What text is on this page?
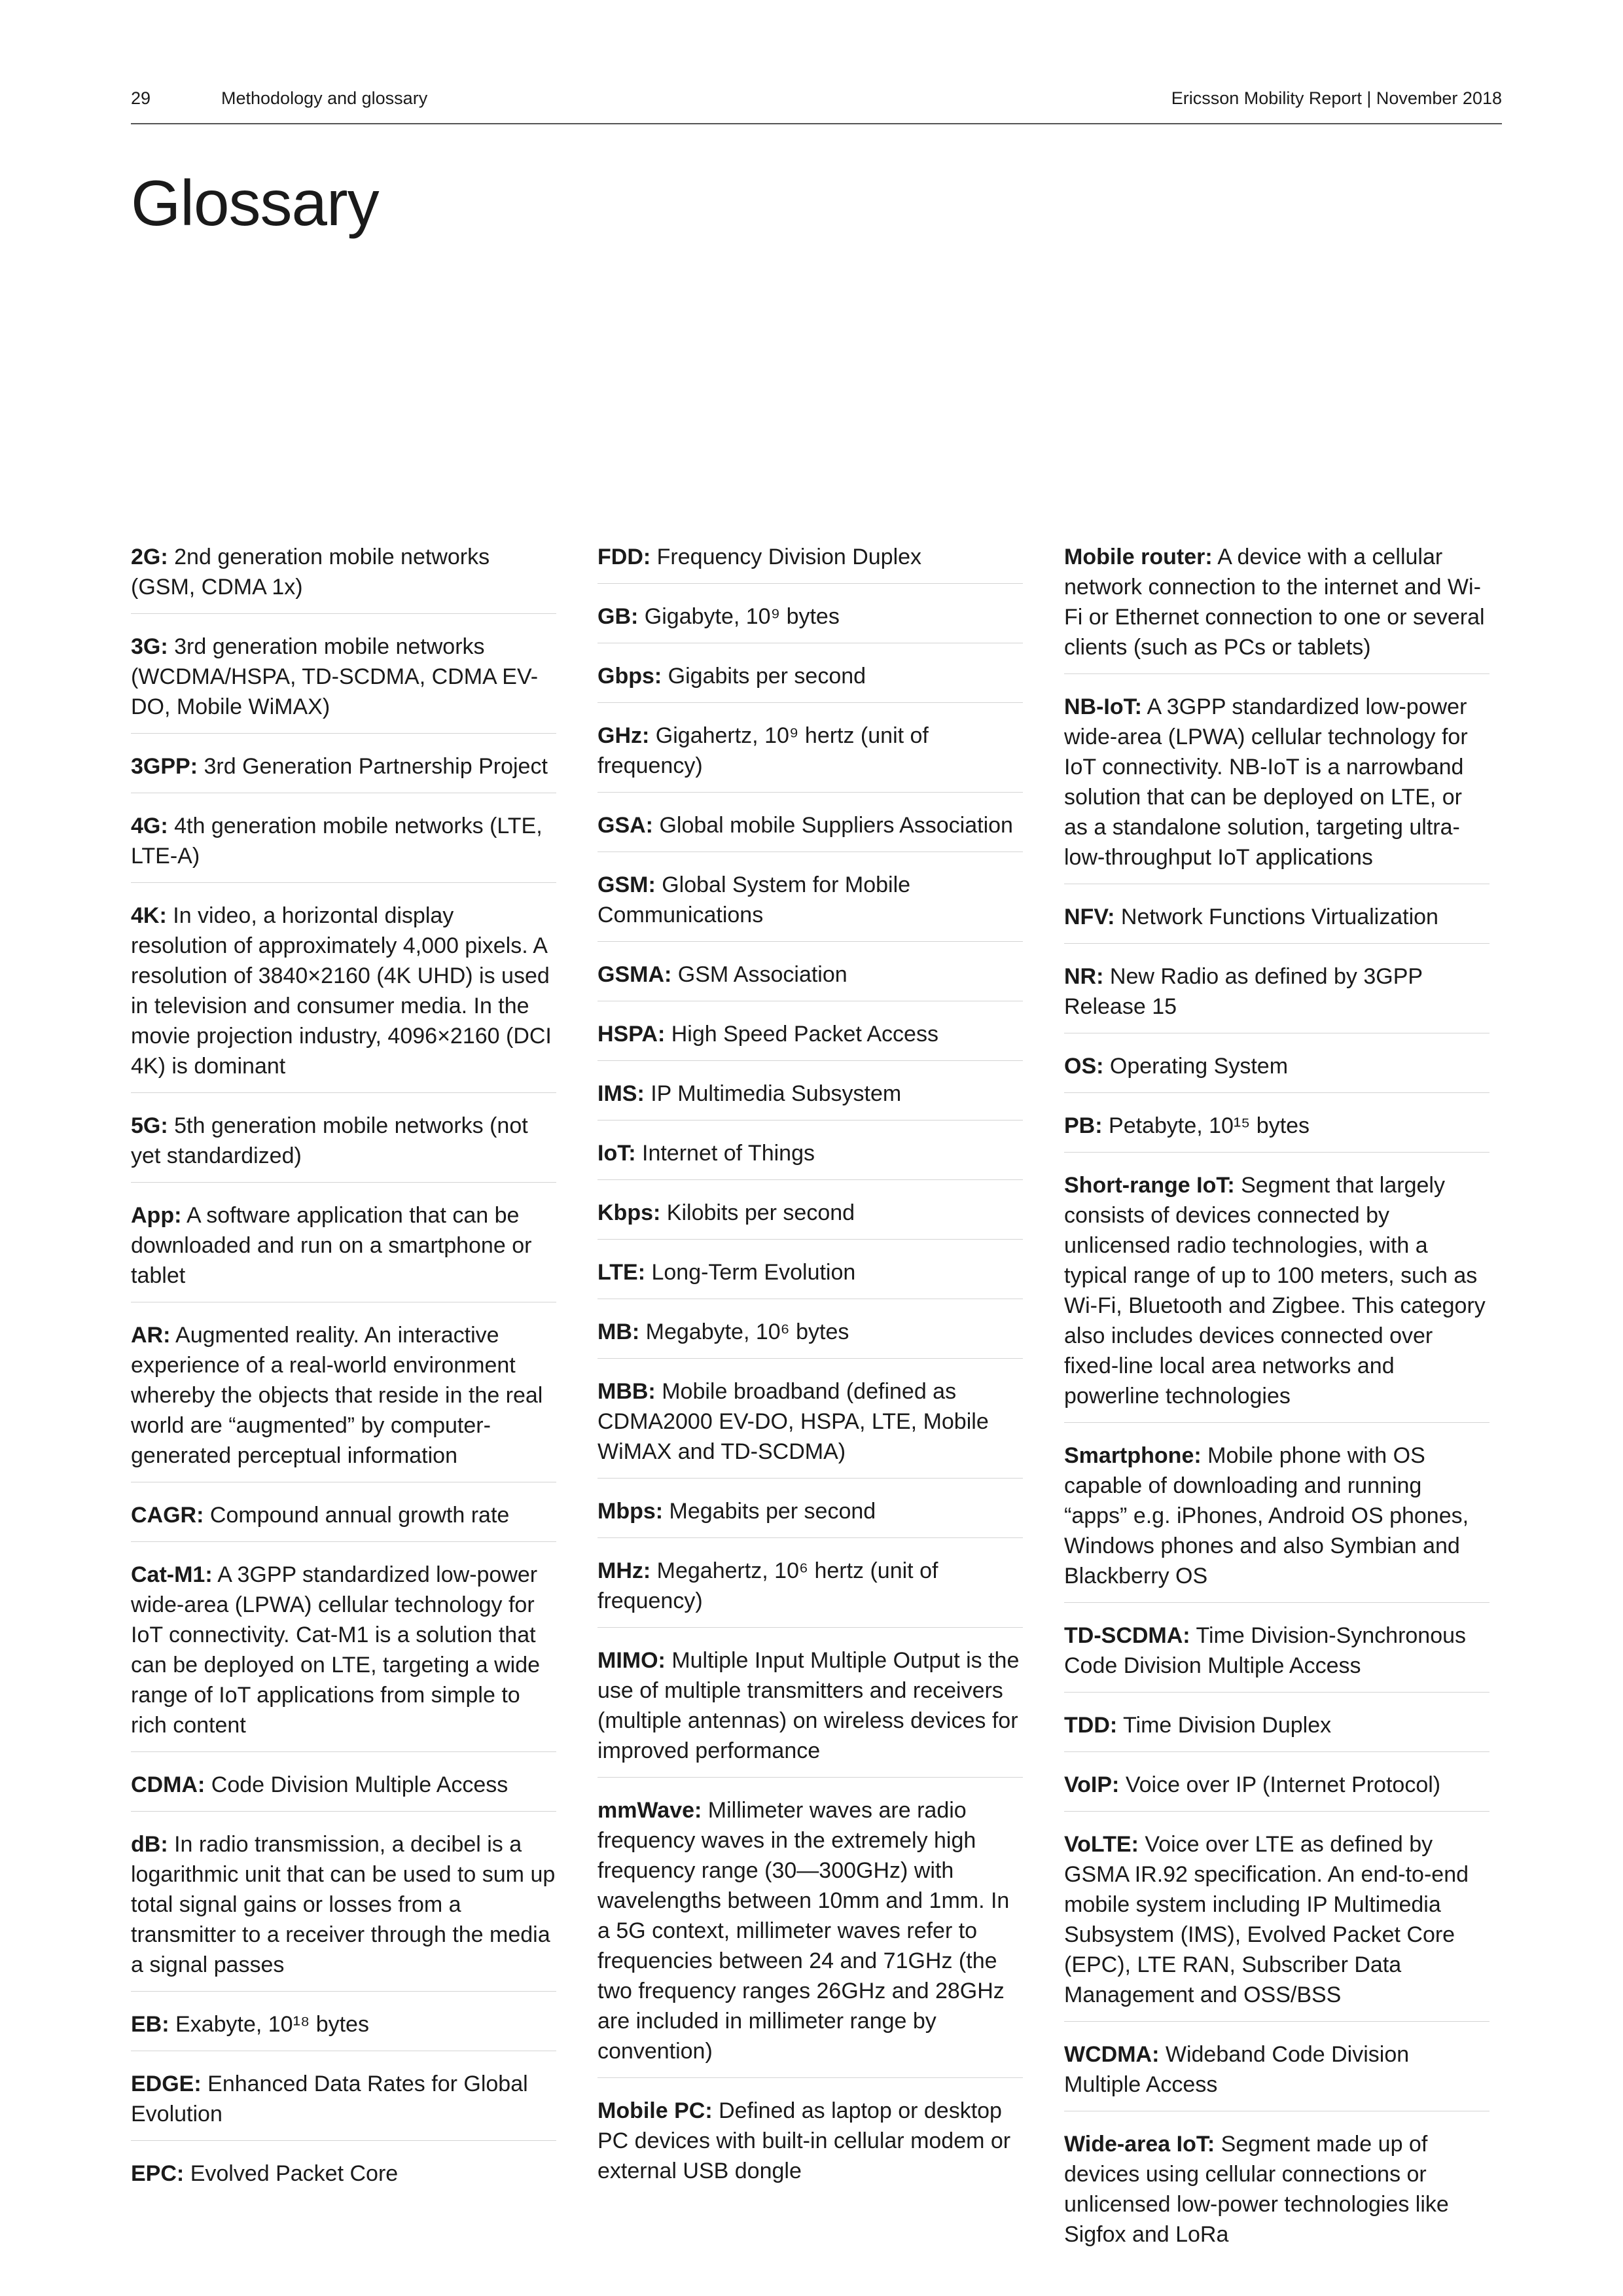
29	Methodology and glossary	Ericsson Mobility Report | November 2018
Glossary
2G: 2nd generation mobile networks (GSM, CDMA 1x)
3G: 3rd generation mobile networks (WCDMA/HSPA, TD-SCDMA, CDMA EV-DO, Mobile WiMAX)
3GPP: 3rd Generation Partnership Project
4G: 4th generation mobile networks (LTE, LTE-A)
4K: In video, a horizontal display resolution of approximately 4,000 pixels. A resolution of 3840×2160 (4K UHD) is used in television and consumer media. In the movie projection industry, 4096×2160 (DCI 4K) is dominant
5G: 5th generation mobile networks (not yet standardized)
App: A software application that can be downloaded and run on a smartphone or tablet
AR: Augmented reality. An interactive experience of a real-world environment whereby the objects that reside in the real world are “augmented” by computer-generated perceptual information
CAGR: Compound annual growth rate
Cat-M1: A 3GPP standardized low-power wide-area (LPWA) cellular technology for IoT connectivity. Cat-M1 is a solution that can be deployed on LTE, targeting a wide range of IoT applications from simple to rich content
CDMA: Code Division Multiple Access
dB: In radio transmission, a decibel is a logarithmic unit that can be used to sum up total signal gains or losses from a transmitter to a receiver through the media a signal passes
EB: Exabyte, 10¹⁸ bytes
EDGE: Enhanced Data Rates for Global Evolution
EPC: Evolved Packet Core
FDD: Frequency Division Duplex
GB: Gigabyte, 10⁹ bytes
Gbps: Gigabits per second
GHz: Gigahertz, 10⁹ hertz (unit of frequency)
GSA: Global mobile Suppliers Association
GSM: Global System for Mobile Communications
GSMA: GSM Association
HSPA: High Speed Packet Access
IMS: IP Multimedia Subsystem
IoT: Internet of Things
Kbps: Kilobits per second
LTE: Long-Term Evolution
MB: Megabyte, 10⁶ bytes
MBB: Mobile broadband (defined as CDMA2000 EV-DO, HSPA, LTE, Mobile WiMAX and TD-SCDMA)
Mbps: Megabits per second
MHz: Megahertz, 10⁶ hertz (unit of frequency)
MIMO: Multiple Input Multiple Output is the use of multiple transmitters and receivers (multiple antennas) on wireless devices for improved performance
mmWave: Millimeter waves are radio frequency waves in the extremely high frequency range (30—300GHz) with wavelengths between 10mm and 1mm. In a 5G context, millimeter waves refer to frequencies between 24 and 71GHz (the two frequency ranges 26GHz and 28GHz are included in millimeter range by convention)
Mobile PC: Defined as laptop or desktop PC devices with built-in cellular modem or external USB dongle
Mobile router: A device with a cellular network connection to the internet and Wi-Fi or Ethernet connection to one or several clients (such as PCs or tablets)
NB-IoT: A 3GPP standardized low-power wide-area (LPWA) cellular technology for IoT connectivity. NB-IoT is a narrowband solution that can be deployed on LTE, or as a standalone solution, targeting ultra-low-throughput IoT applications
NFV: Network Functions Virtualization
NR: New Radio as defined by 3GPP Release 15
OS: Operating System
PB: Petabyte, 10¹⁵ bytes
Short-range IoT: Segment that largely consists of devices connected by unlicensed radio technologies, with a typical range of up to 100 meters, such as Wi-Fi, Bluetooth and Zigbee. This category also includes devices connected over fixed-line local area networks and powerline technologies
Smartphone: Mobile phone with OS capable of downloading and running “apps” e.g. iPhones, Android OS phones, Windows phones and also Symbian and Blackberry OS
TD-SCDMA: Time Division-Synchronous Code Division Multiple Access
TDD: Time Division Duplex
VoIP: Voice over IP (Internet Protocol)
VoLTE: Voice over LTE as defined by GSMA IR.92 specification. An end-to-end mobile system including IP Multimedia Subsystem (IMS), Evolved Packet Core (EPC), LTE RAN, Subscriber Data Management and OSS/BSS
WCDMA: Wideband Code Division Multiple Access
Wide-area IoT: Segment made up of devices using cellular connections or unlicensed low-power technologies like Sigfox and LoRa
